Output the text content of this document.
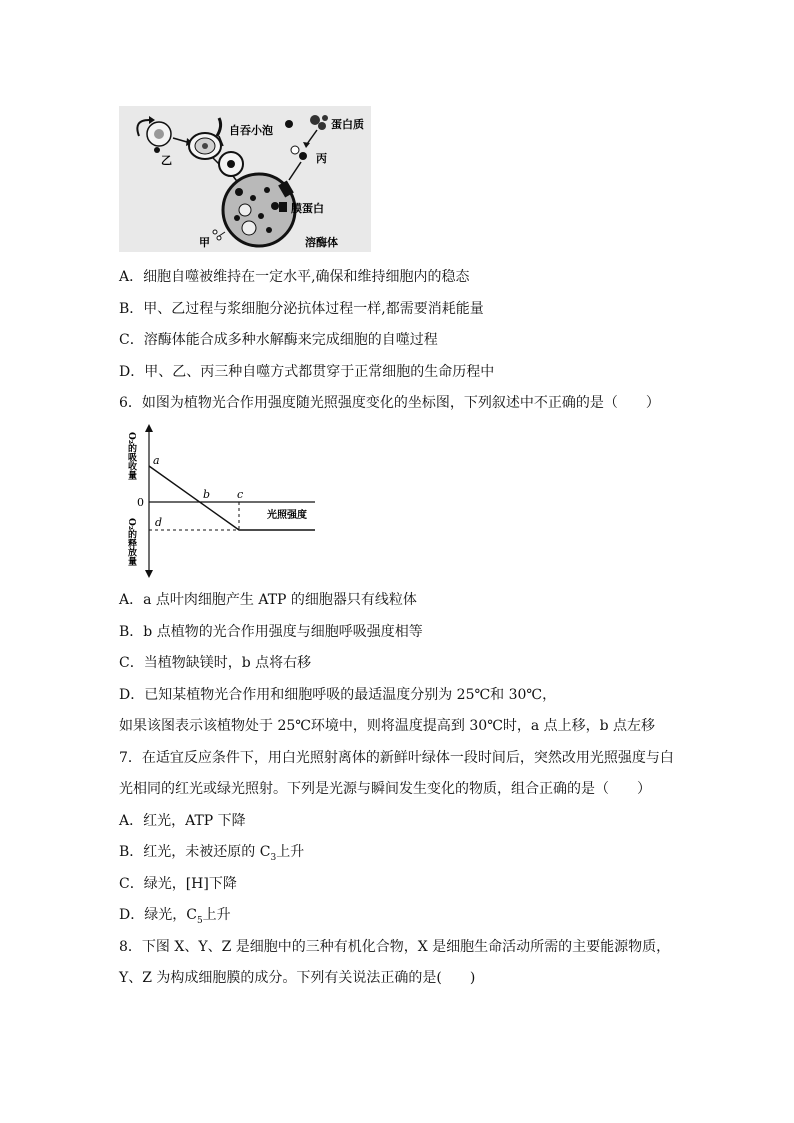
自吞小泡
乙
膜蛋白
蛋白质
丙
甲	溶酶体
A．细胞自噬被维持在一定水平,确保和维持细胞内的稳态
B．甲、乙过程与浆细胞分泌抗体过程一样,都需要消耗能量
C．溶酶体能合成多种水解酶来完成细胞的自噬过程
D．甲、乙、丙三种自噬方式都贯穿于正常细胞的生命历程中
6．如图为植物光合作用强度随光照强度变化的坐标图，下列叙述中不正确的是（　　）
a
b c
d
0
光照强度
O₂的吸收量
O₂的释放量
A．a 点叶肉细胞产生 ATP 的细胞器只有线粒体
B．b 点植物的光合作用强度与细胞呼吸强度相等
C．当植物缺镁时，b 点将右移
D．已知某植物光合作用和细胞呼吸的最适温度分别为 25℃和 30℃，
如果该图表示该植物处于 25℃环境中，则将温度提高到 30℃时，a 点上移，b 点左移
7．在适宜反应条件下，用白光照射离体的新鲜叶绿体一段时间后，突然改用光照强度与白
光相同的红光或绿光照射。下列是光源与瞬间发生变化的物质，组合正确的是（　　）
A．红光，ATP 下降
B．红光，未被还原的 $C_3$上升
C．绿光，[H]下降
D．绿光，$C_5$上升
8．下图 X、Y、Z 是细胞中的三种有机化合物，X 是细胞生命活动所需的主要能源物质，
Y、Z 为构成细胞膜的成分。下列有关说法正确的是(　　)
